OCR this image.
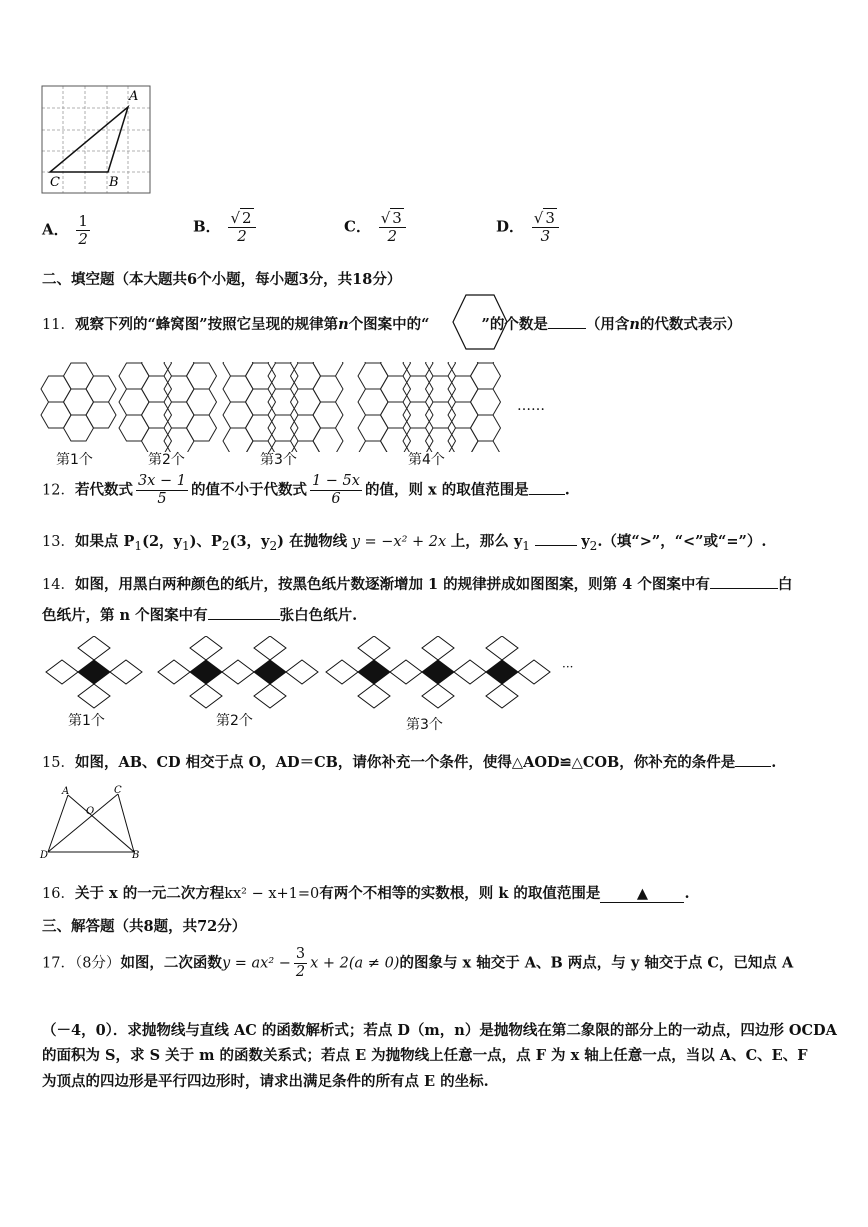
A
B
C
A． $\frac{1}{2}$	B． $\frac{√ 2}{2}$	C． $\frac{√ 3}{2}$	D． $\frac{√ 3}{3}$
二、填空题（本大题共6个小题，每小题3分，共18分）
11．观察下列的“蜂窝图”按照它呈现的规律第n个图案中的“	”的个数是	（用含n的代数式表示）
第1个	第2个	第3个	第4个
……
12．若代数式 $\frac{3x - 1}{5}$ 的值不小于代数式 $\frac{1 - 5x}{6}$ 的值，则 x 的取值范围是 .
13．如果点 $P_1(2$，$y_1$)、$P_2(3$，$y_2$) 在抛物线 y = −x² + 2x 上，那么 $y_1$	$y_2$.（填“>”，“<”或“=”）.
14．如图，用黑白两种颜色的纸片，按黑色纸片数逐渐增加 1 的规律拼成如图图案，则第 4 个图案中有	白
色纸片，第 n 个图案中有	张白色纸片.
第1个	第2个	第3个
···
15．如图，AB、CD 相交于点 O，AD＝CB，请你补充一个条件，使得△AOD≌△COB，你补充的条件是 .
A	C
O
D	B
16．关于 x 的一元二次方程kx² − x+1=0有两个不相等的实数根，则 k 的取值范围是	▲	.
三、解答题（共8题，共72分）
17．（8分）如图，二次函数$y = ax^2 - \frac{3}{2}$ x + 2(a ≠ 0)的图象与 x 轴交于 A、B 两点，与 y 轴交于点 C，已知点 A
（－4，0）．求抛物线与直线 AC 的函数解析式；若点 D（m，n）是抛物线在第二象限的部分上的一动点，四边形 OCDA
的面积为 S，求 S 关于 m 的函数关系式；若点 E 为抛物线上任意一点，点 F 为 x 轴上任意一点，当以 A、C、E、F
为顶点的四边形是平行四边形时，请求出满足条件的所有点 E 的坐标.
